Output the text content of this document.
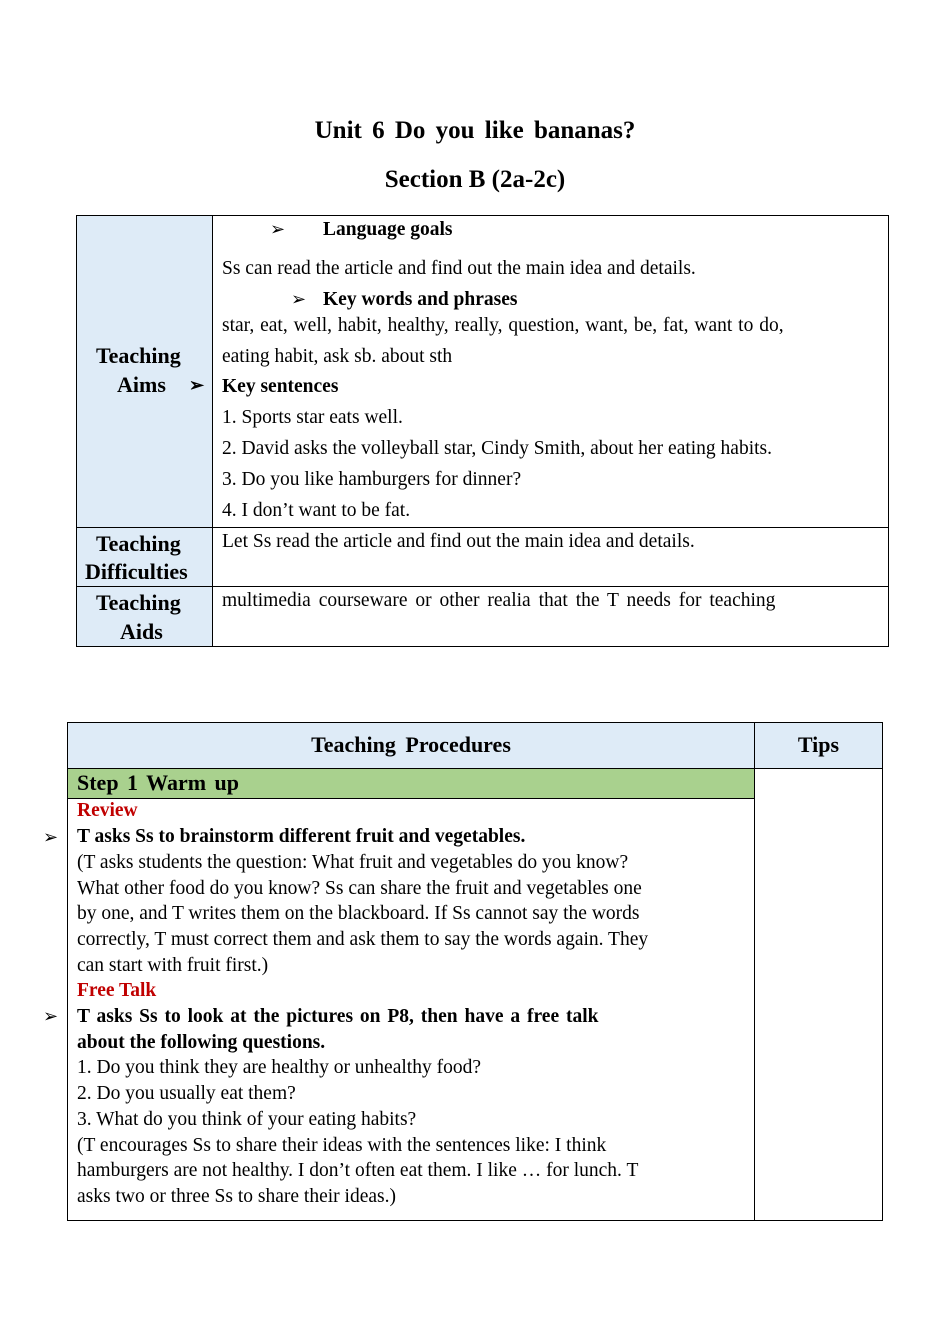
Unit 6 Do you like bananas?
Section B (2a-2c)
Teaching
Aims ➢
➢ Language goals
Ss can read the article and find out the main idea and details.
➢ Key words and phrases
star, eat, well, habit, healthy, really, question, want, be, fat, want to do,
eating habit, ask sb. about sth
Key sentences
1. Sports star eats well.
2. David asks the volleyball star, Cindy Smith, about her eating habits.
3. Do you like hamburgers for dinner?
4. I don’t want to be fat.
Teaching
Difficulties
Let Ss read the article and find out the main idea and details.
Teaching
Aids
multimedia courseware or other realia that the T needs for teaching
Teaching Procedures	Tips
Step 1 Warm up
Review
T asks Ss to brainstorm different fruit and vegetables.
(T asks students the question: What fruit and vegetables do you know?
What other food do you know? Ss can share the fruit and vegetables one
by one, and T writes them on the blackboard. If Ss cannot say the words
correctly, T must correct them and ask them to say the words again. They
can start with fruit first.)
Free Talk
T asks Ss to look at the pictures on P8, then have a free talk
about the following questions.
1. Do you think they are healthy or unhealthy food?
2. Do you usually eat them?
3. What do you think of your eating habits?
(T encourages Ss to share their ideas with the sentences like: I think
hamburgers are not healthy. I don’t often eat them. I like … for lunch. T
asks two or three Ss to share their ideas.)
➢
➢
